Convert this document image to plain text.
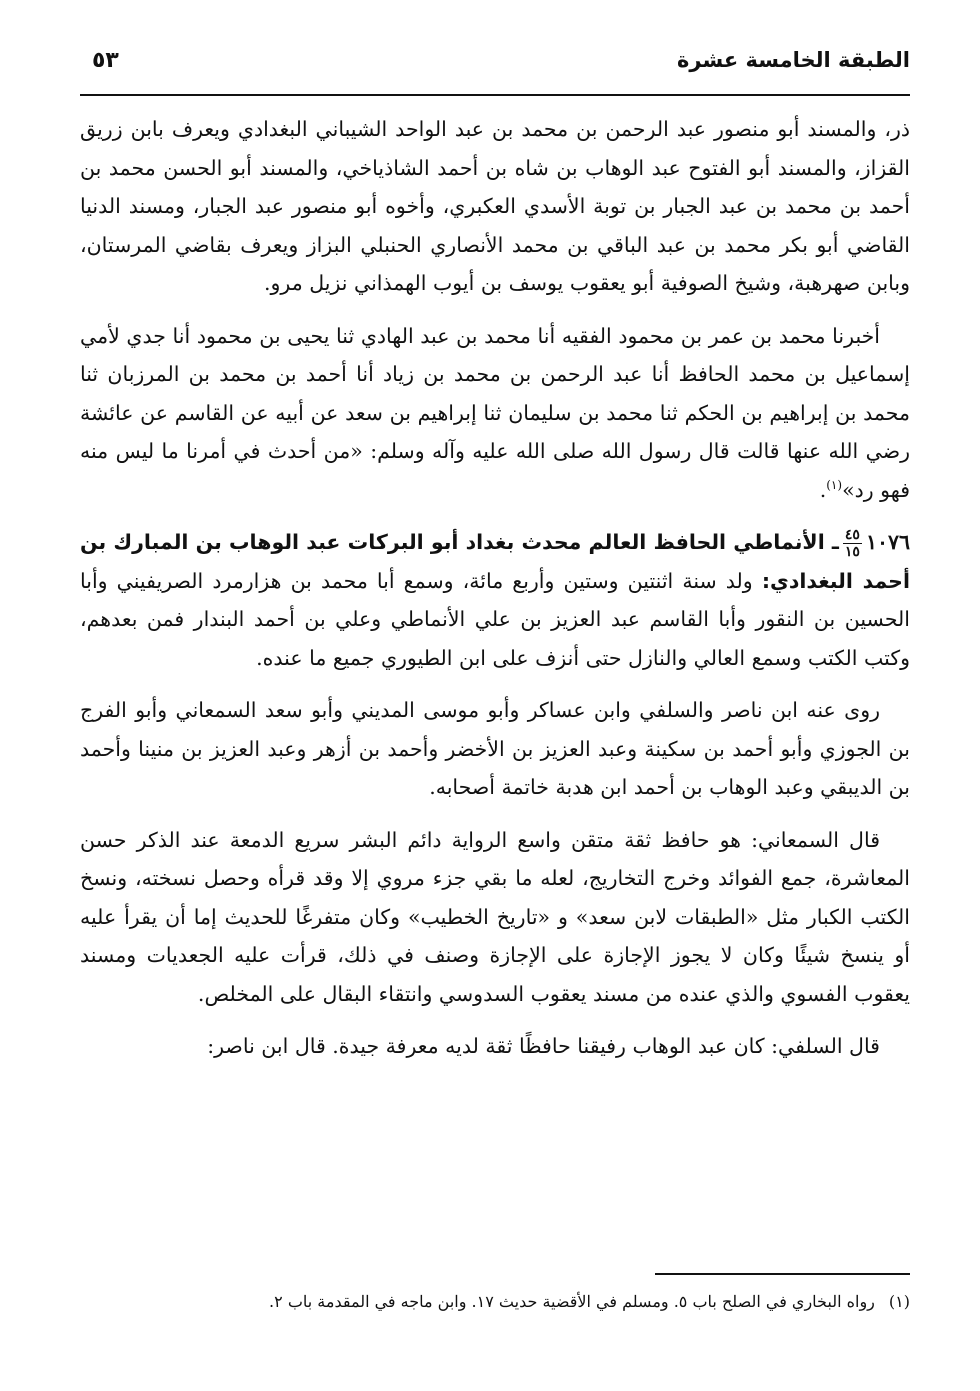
الطبقة الخامسة عشرة
٥٣

ذر، والمسند أبو منصور عبد الرحمن بن محمد بن عبد الواحد الشيباني البغدادي ويعرف بابن زريق القزاز، والمسند أبو الفتوح عبد الوهاب بن شاه بن أحمد الشاذياخي، والمسند أبو الحسن محمد بن أحمد بن محمد بن عبد الجبار بن توبة الأسدي العكبري، وأخوه أبو منصور عبد الجبار، ومسند الدنيا القاضي أبو بكر محمد بن عبد الباقي بن محمد الأنصاري الحنبلي البزاز ويعرف بقاضي المرستان، وبابن صهرهبة، وشيخ الصوفية أبو يعقوب يوسف بن أيوب الهمذاني نزيل مرو.

أخبرنا محمد بن عمر بن محمود الفقيه أنا محمد بن عبد الهادي ثنا يحيى بن محمود أنا جدي لأمي إسماعيل بن محمد الحافظ أنا عبد الرحمن بن محمد بن زياد أنا أحمد بن محمد بن المرزبان ثنا محمد بن إبراهيم بن الحكم ثنا محمد بن سليمان ثنا إبراهيم بن سعد عن أبيه عن القاسم عن عائشة رضي الله عنها قالت قال رسول الله صلى الله عليه وآله وسلم: «من أحدث في أمرنا ما ليس منه فهو رد»$^{(١)}$.

١٠٧٦
$\frac{٤٥}{١٥}$
ـ الأنماطي الحافظ العالم محدث بغداد أبو البركات عبد الوهاب بن المبارك بن أحمد البغدادي: ولد سنة اثنتين وستين وأربع مائة، وسمع أبا محمد بن هزارمرد الصريفيني وأبا الحسين بن النقور وأبا القاسم عبد العزيز بن علي الأنماطي وعلي بن أحمد البندار فمن بعدهم، وكتب الكتب وسمع العالي والنازل حتى أنزف على ابن الطيوري جميع ما عنده.

روى عنه ابن ناصر والسلفي وابن عساكر وأبو موسى المديني وأبو سعد السمعاني وأبو الفرج بن الجوزي وأبو أحمد بن سكينة وعبد العزيز بن الأخضر وأحمد بن أزهر وعبد العزيز بن منينا وأحمد بن الديبقي وعبد الوهاب بن أحمد ابن هدبة خاتمة أصحابه.

قال السمعاني: هو حافظ ثقة متقن واسع الرواية دائم البشر سريع الدمعة عند الذكر حسن المعاشرة، جمع الفوائد وخرج التخاريج، لعله ما بقي جزء مروي إلا وقد قرأه وحصل نسخته، ونسخ الكتب الكبار مثل «الطبقات لابن سعد» و «تاريخ الخطيب» وكان متفرغًا للحديث إما أن يقرأ عليه أو ينسخ شيئًا وكان لا يجوز الإجازة على الإجازة وصنف في ذلك، قرأت عليه الجعديات ومسند يعقوب الفسوي والذي عنده من مسند يعقوب السدوسي وانتقاء البقال على المخلص.

قال السلفي: كان عبد الوهاب رفيقنا حافظًا ثقة لديه معرفة جيدة. قال ابن ناصر:

(١)رواه البخاري في الصلح باب ٥. ومسلم في الأقضية حديث ١٧. وابن ماجه في المقدمة باب ٢.
